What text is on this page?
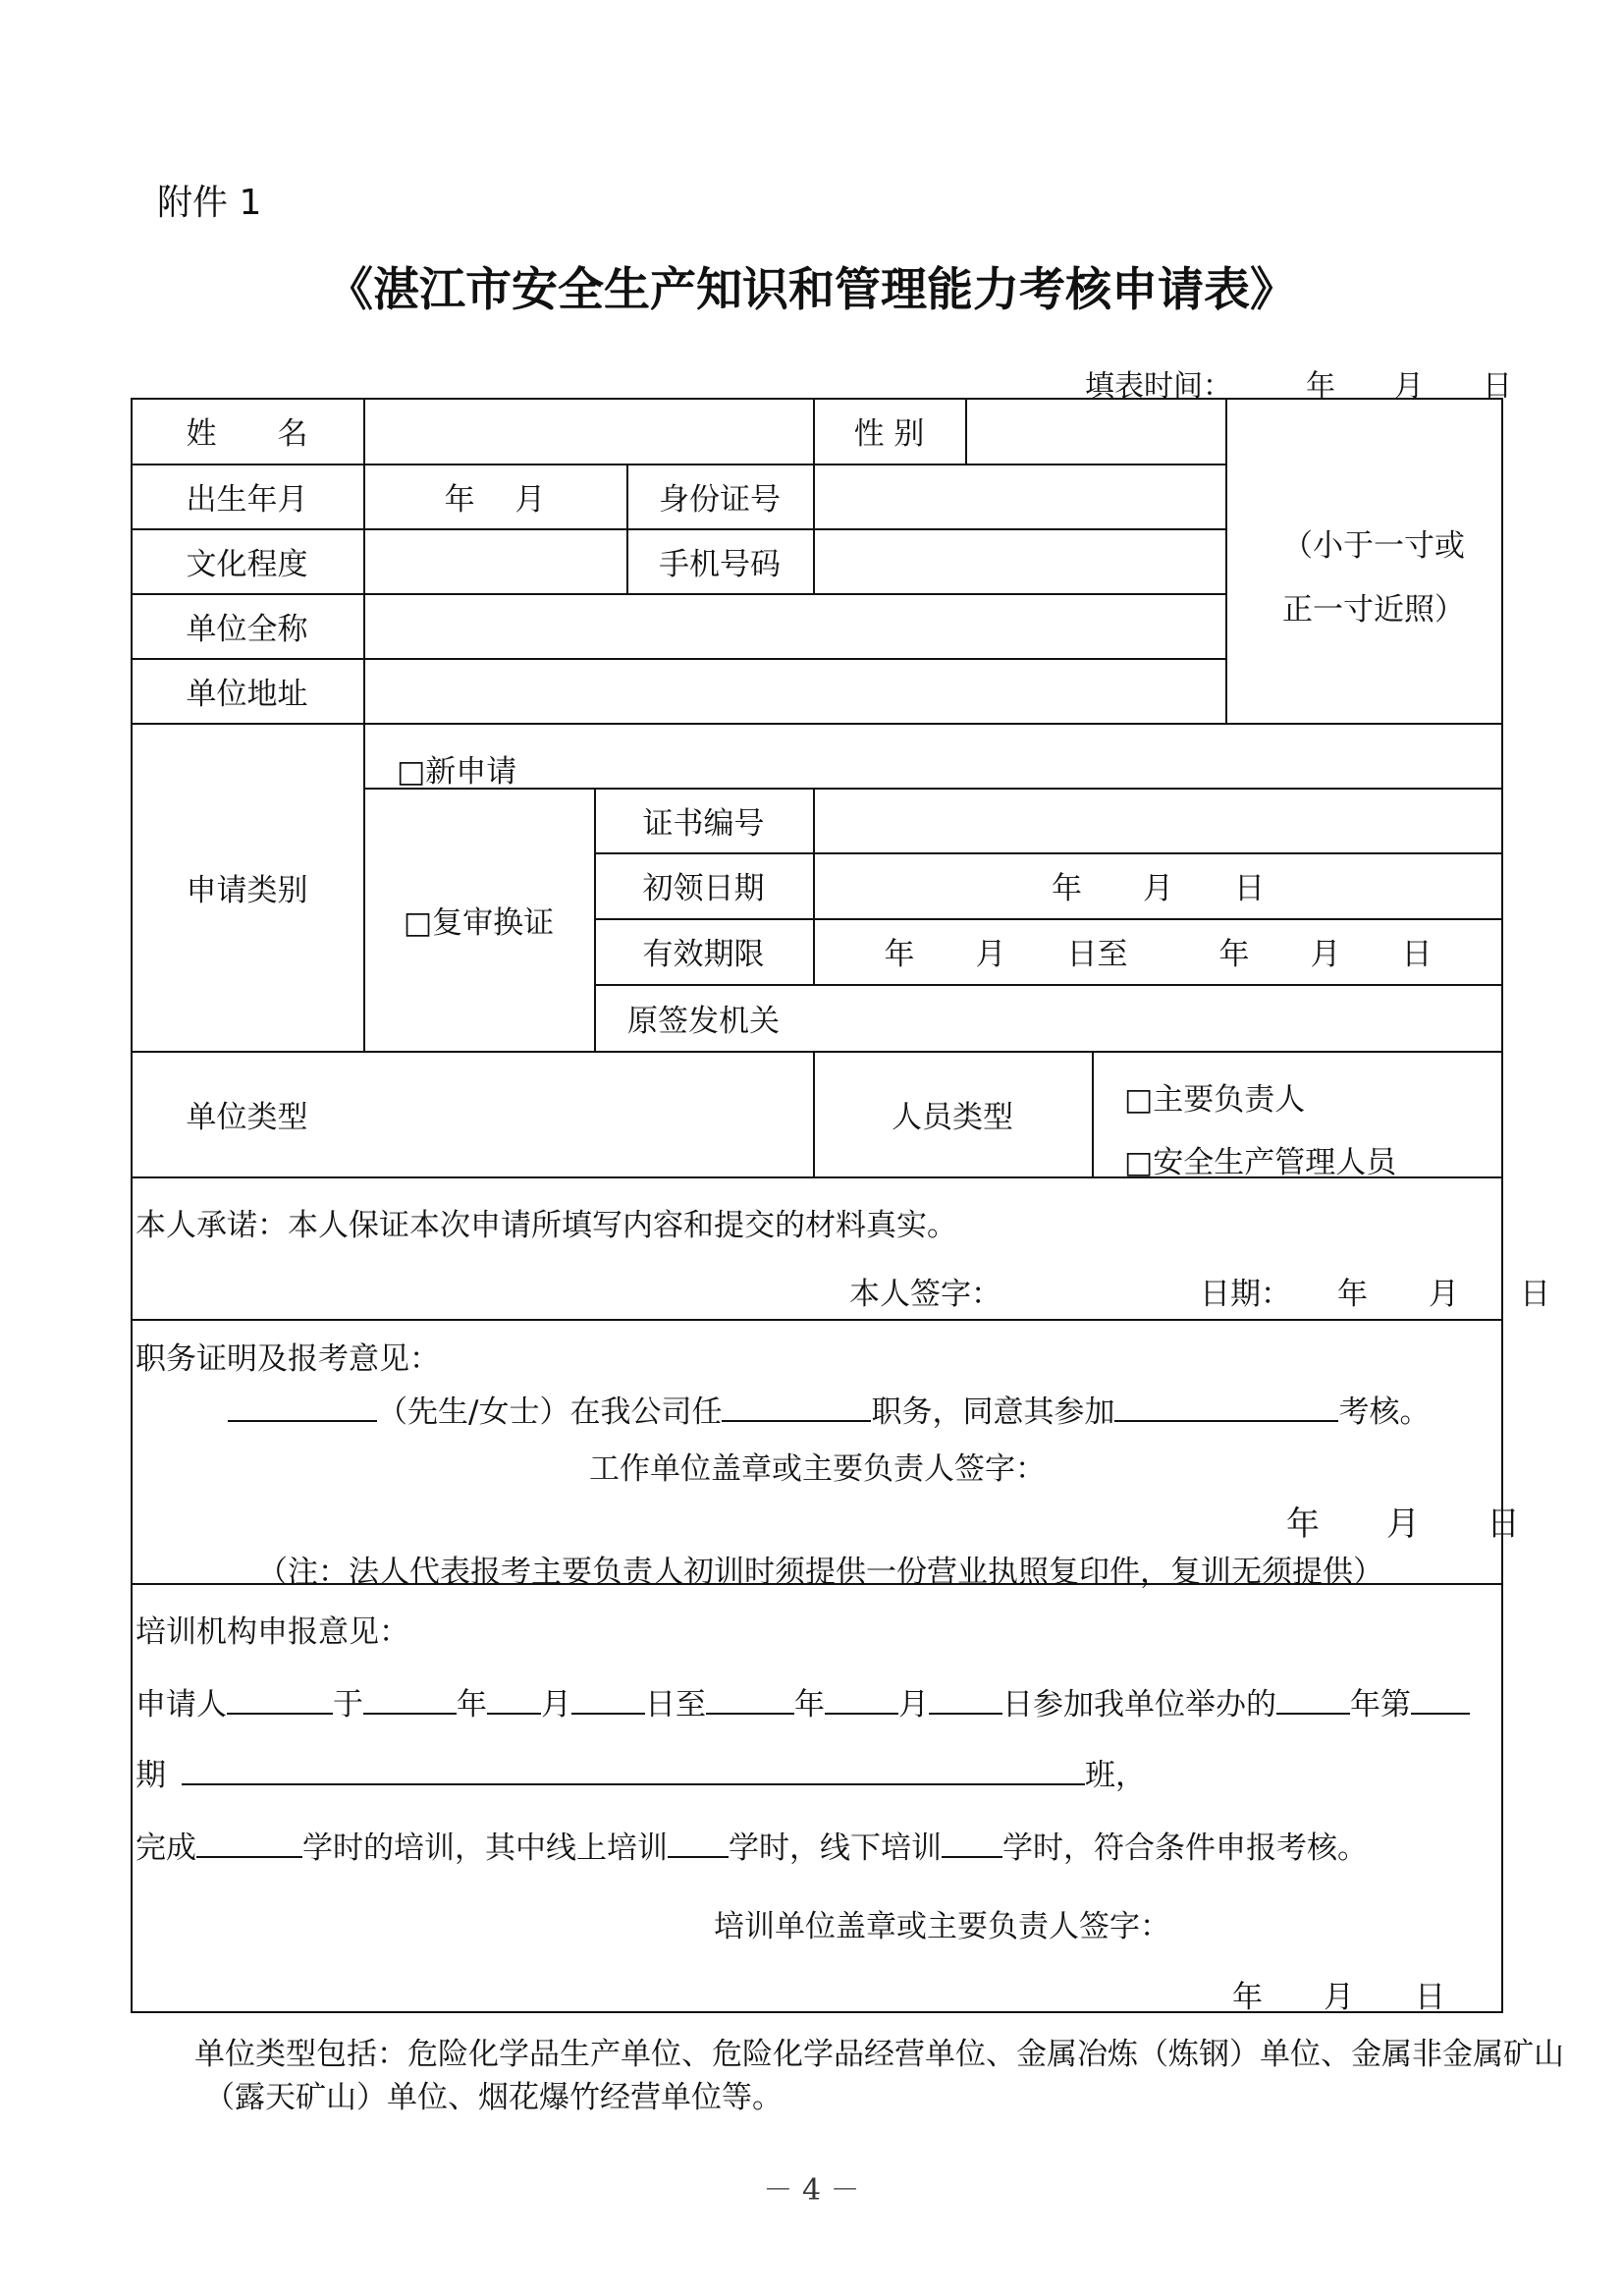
附件 1
《湛江市安全生产知识和管理能力考核申请表》
填表时间：	年　　月　　日
姓　　名	性 别
出生年月	年　 月	身份证号
文化程度	手机号码
单位全称
单位地址
（小于一寸或
正一寸近照）
申请类别
□新申请
□复审换证
证书编号
初领日期	年　　月　　日
有效期限	年　　月　　日至　　　年　　月　　日
原签发机关
单位类型	人员类型	□主要负责人
□安全生产管理人员
本人承诺：本人保证本次申请所填写内容和提交的材料真实。
本人签字：	日期： 年　　月　　日
职务证明及报考意见：
（先生/女士）在我公司任	职务，同意其参加	考核。
工作单位盖章或主要负责人签字：
年　　月　　日
（注：法人代表报考主要负责人初训时须提供一份营业执照复印件，复训无须提供）
培训机构申报意见：
申请人	于	年 月 日至	年 月 日参加我单位举办的 年第
期	班，
完成	学时的培训，其中线上培训 学时，线下培训 学时，符合条件申报考核。
培训单位盖章或主要负责人签字：
年　　月　　日
单位类型包括：危险化学品生产单位、危险化学品经营单位、金属冶炼（炼钢）单位、金属非金属矿山
（露天矿山）单位、烟花爆竹经营单位等。
－ 4 －
